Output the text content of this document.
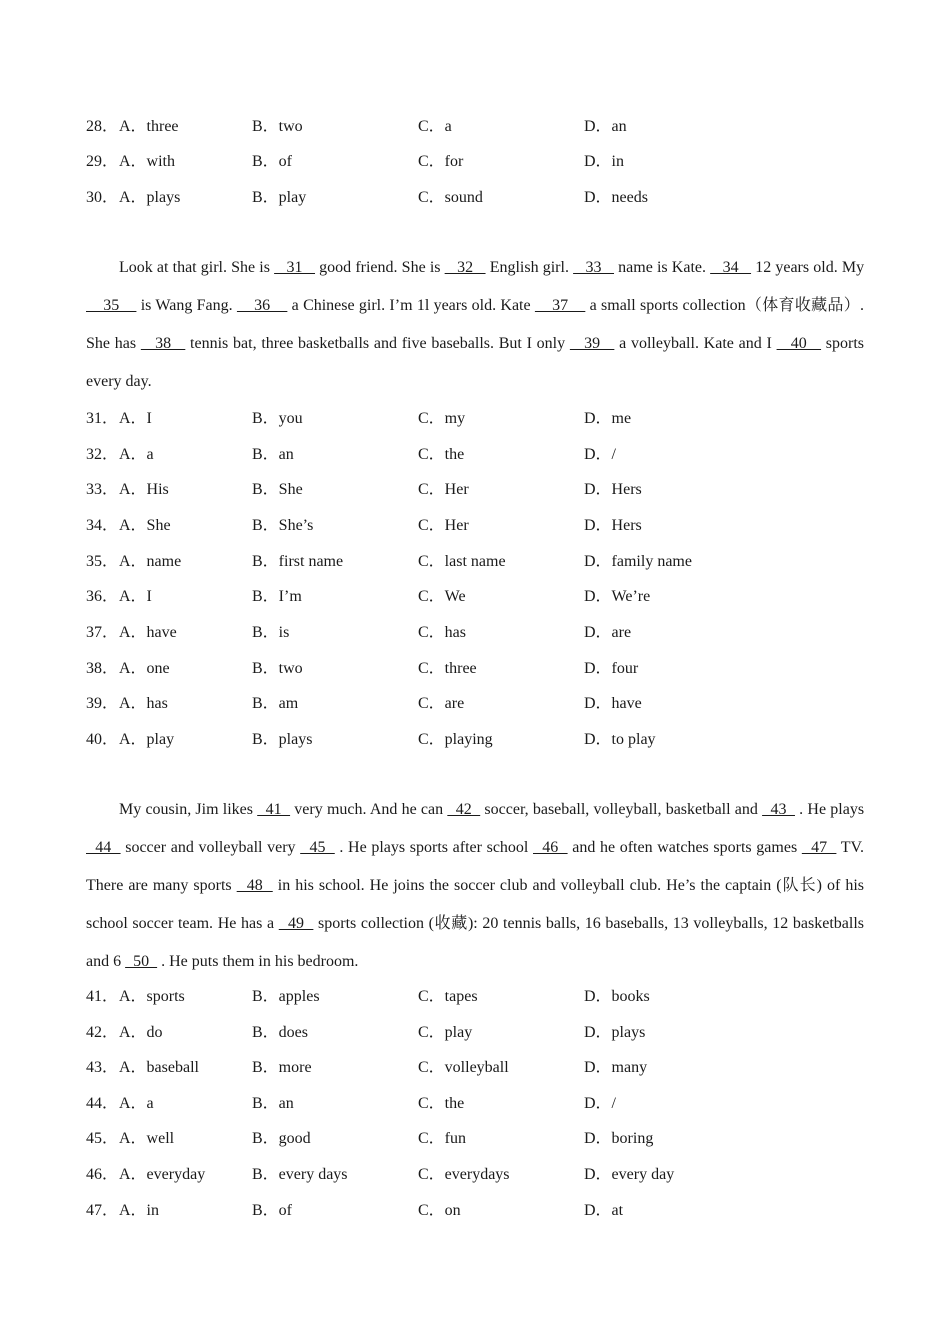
28． A．three	B．two	C．a	D．an
29． A．with	B．of	C．for	D．in
30． A．plays	B．play	C．sound	D．needs

Look at that girl. She is    31    good friend. She is    32    English girl.    33    name is Kate.    34    12 years old. My     35     is Wang Fang.     36     a Chinese girl. I’m 1l years old. Kate     37     a small sports collection（体育收藏品）. She has    38    tennis bat, three basketballs and five baseballs. But I only    39    a volleyball. Kate and I    40    sports every day.

31． A．I	B．you	C．my	D．me
32． A．a	B．an	C．the	D．/
33． A．His	B．She	C．Her	D．Hers
34． A．She	B．She’s	C．Her	D．Hers
35． A．name	B．first name	C．last name	D．family name
36． A．I	B．I’m	C．We	D．We’re
37． A．have	B．is	C．has	D．are
38． A．one	B．two	C．three	D．four
39． A．has	B．am	C．are	D．have
40． A．play	B．plays	C．playing	D．to play

My cousin, Jim likes   41   very much. And he can   42   soccer, baseball, volleyball, basketball and   43   . He plays   44   soccer and volleyball very   45   . He plays sports after school   46   and he often watches sports games   47   TV. There are many sports   48   in his school. He joins the soccer club and volleyball club. He’s the captain (队长) of his school soccer team. He has a   49   sports collection (收藏): 20 tennis balls, 16 baseballs, 13 volleyballs, 12 basketballs and 6   50   . He puts them in his bedroom.

41． A．sports	B．apples	C．tapes	D．books
42． A．do	B．does	C．play	D．plays
43． A．baseball	B．more	C．volleyball	D．many
44． A．a	B．an	C．the	D．/
45． A．well	B．good	C．fun	D．boring
46． A．everyday	B．every days	C．everydays	D．every day
47． A．in	B．of	C．on	D．at
